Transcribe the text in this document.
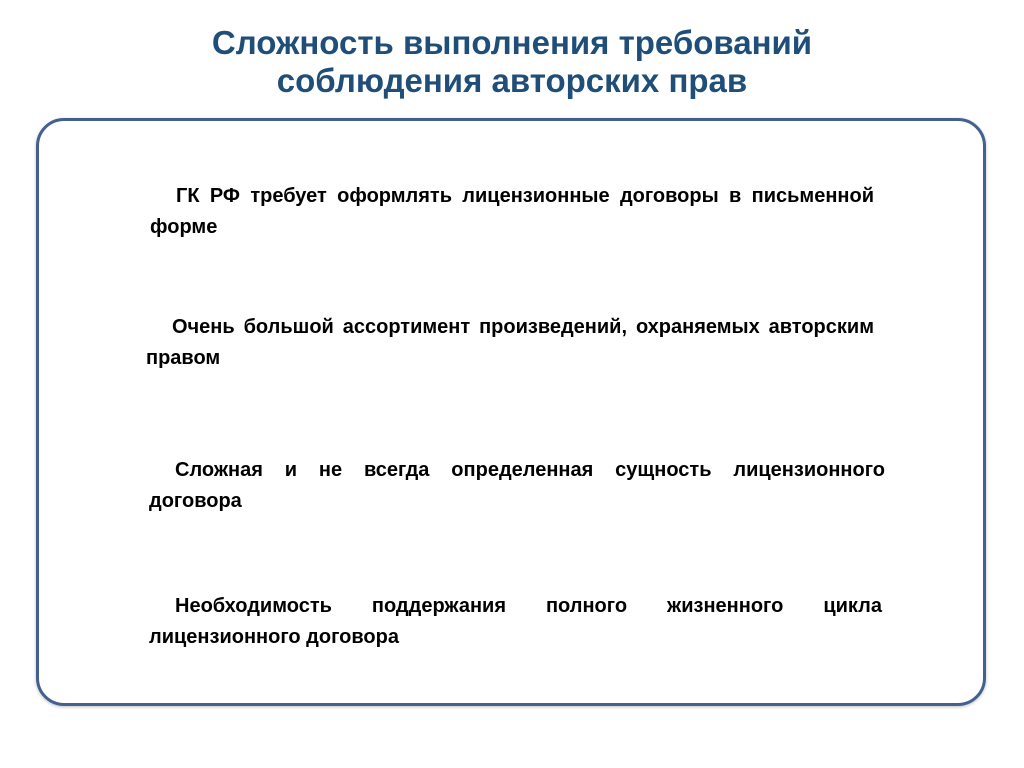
Сложность выполнения требований
соблюдения авторских прав

ГК РФ требует оформлять лицензионные договоры в письменной форме

Очень большой ассортимент произведений, охраняемых авторским правом

Сложная и не всегда определенная сущность лицензионного договора

Необходимость поддержания полного жизненного цикла лицензионного договора
